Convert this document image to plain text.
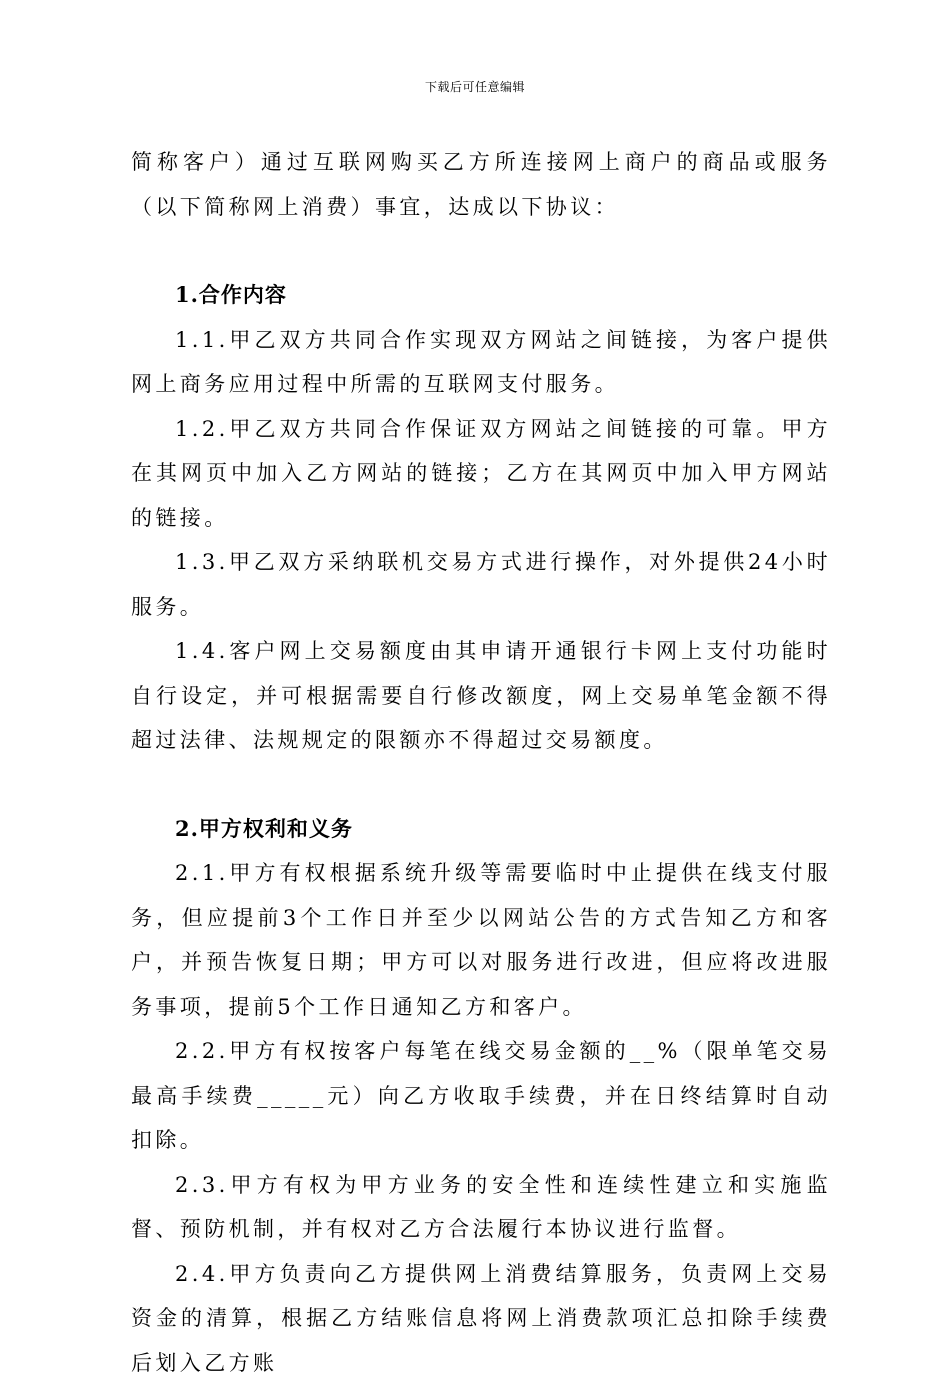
下载后可任意编辑

简称客户）通过互联网购买乙方所连接网上商户的商品或服务（以下简称网上消费）事宜，达成以下协议：

1.合作内容

1.1.甲乙双方共同合作实现双方网站之间链接，为客户提供网上商务应用过程中所需的互联网支付服务。

1.2.甲乙双方共同合作保证双方网站之间链接的可靠。甲方在其网页中加入乙方网站的链接；乙方在其网页中加入甲方网站的链接。

1.3.甲乙双方采纳联机交易方式进行操作，对外提供24小时服务。

1.4.客户网上交易额度由其申请开通银行卡网上支付功能时自行设定，并可根据需要自行修改额度，网上交易单笔金额不得超过法律、法规规定的限额亦不得超过交易额度。

2.甲方权利和义务

2.1.甲方有权根据系统升级等需要临时中止提供在线支付服务，但应提前3个工作日并至少以网站公告的方式告知乙方和客户，并预告恢复日期；甲方可以对服务进行改进，但应将改进服务事项，提前5个工作日通知乙方和客户。

2.2.甲方有权按客户每笔在线交易金额的__%（限单笔交易最高手续费_____元）向乙方收取手续费，并在日终结算时自动扣除。

2.3.甲方有权为甲方业务的安全性和连续性建立和实施监督、预防机制，并有权对乙方合法履行本协议进行监督。

2.4.甲方负责向乙方提供网上消费结算服务，负责网上交易资金的清算，根据乙方结账信息将网上消费款项汇总扣除手续费后划入乙方账
